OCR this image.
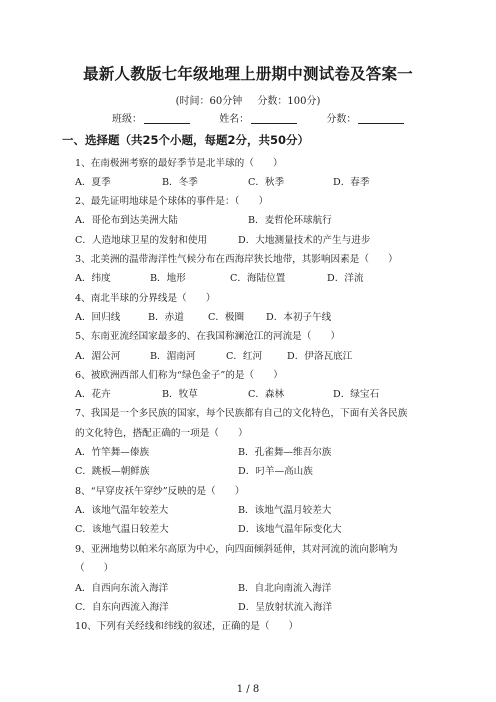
最新人教版七年级地理上册期中测试卷及答案一
(时间：60分钟 分数：100分)
班级：	姓名：	分数：
一、选择题（共25个小题，每题2分，共50分）
1、在南极洲考察的最好季节是北半球的（　　）
A．夏季	B．冬季	C．秋季	D．春季
2、最先证明地球是个球体的事件是：（　　）
A．哥伦布到达美洲大陆	B．麦哲伦环球航行
C．人造地球卫星的发射和使用	D．大地测量技术的产生与进步
3、北美洲的温带海洋性气候分布在西海岸狭长地带，其影响因素是（　　）
A．纬度	B．地形	C．海陆位置	D．洋流
4、南北半球的分界线是（　　）
A．回归线	B．赤道	C．极圈 D．本初子午线
5、东南亚流经国家最多的、在我国称澜沧江的河流是（　　）
A．湄公河	B．湄南河	C．红河	D．伊洛瓦底江
6、被欧洲西部人们称为“绿色金子”的是（　　）
A．花卉	B．牧草	C．森林	D．绿宝石
7、我国是一个多民族的国家，每个民族都有自己的文化特色，下面有关各民族
的文化特色，搭配正确的一项是（　　）
A．竹竿舞—傣族	B．孔雀舞—维吾尔族
C．跳板—朝鲜族	D．叼羊—高山族
8、“早穿皮袄午穿纱”反映的是（　　）
A．该地气温年较差大	B．该地气温月较差大
C．该地气温日较差大	D．该地气温年际变化大
9、亚洲地势以帕米尔高原为中心，向四面倾斜延伸，其对河流的流向影响为
（　　）
A．自西向东流入海洋	B．自北向南流入海洋
C．自东向西流入海洋	D．呈放射状流入海洋
10、下列有关经线和纬线的叙述，正确的是（　　）
1 / 8
